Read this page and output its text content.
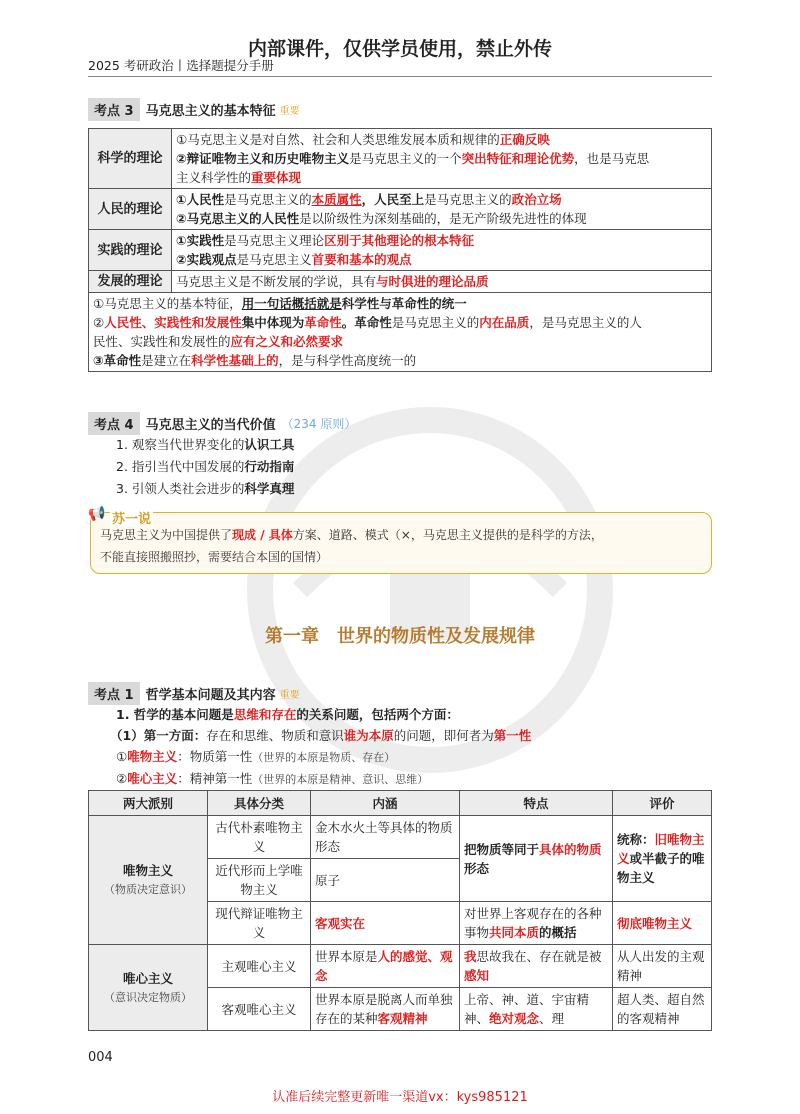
内部课件，仅供学员使用，禁止外传
2025 考研政治丨选择题提分手册
考点 3 马克思主义的基本特征 重要
科学的理论	①马克思主义是对自然、社会和人类思维发展本质和规律的正确反映
②辩证唯物主义和历史唯物主义是马克思主义的一个突出特征和理论优势，也是马克思
主义科学性的重要体现

人民的理论	①人民性是马克思主义的本质属性，人民至上是马克思主义的政治立场
②马克思主义的人民性是以阶级性为深刻基础的，是无产阶级先进性的体现

实践的理论	①实践性是马克思主义理论区别于其他理论的根本特征
②实践观点是马克思主义首要和基本的观点

发展的理论	马克思主义是不断发展的学说，具有与时俱进的理论品质

①马克思主义的基本特征，用一句话概括就是科学性与革命性的统一
②人民性、实践性和发展性集中体现为革命性。革命性是马克思主义的内在品质，是马克思主义的人
民性、实践性和发展性的应有之义和必然要求
③革命性是建立在科学性基础上的，是与科学性高度统一的	
考点 4 马克思主义的当代价值 （234 原则）
1. 观察当代世界变化的认识工具
2. 指引当代中国发展的行动指南
3. 引领人类社会进步的科学真理
📢 苏一说
马克思主义为中国提供了现成 / 具体方案、道路、模式（×，马克思主义提供的是科学的方法，
不能直接照搬照抄，需要结合本国的国情）
第一章　世界的物质性及发展规律
考点 1 哲学基本问题及其内容 重要
1. 哲学的基本问题是思维和存在的关系问题，包括两个方面：
（1）第一方面：存在和思维、物质和意识谁为本原的问题，即何者为第一性
①唯物主义：物质第一性（世界的本原是物质、存在）
②唯心主义：精神第一性（世界的本原是精神、意识、思维）
两大派别	具体分类	内涵	特点	评价

唯物主义
（物质决定意识）	古代朴素唯物主义	金木水火土等具体的物质形态	把物质等同于具体的物质形态	统称：旧唯物主义或半截子的唯物主义
	近代形而上学唯物主义	原子		
	现代辩证唯物主义	客观实在	对世界上客观存在的各种事物共同本质的概括	彻底唯物主义

唯心主义
（意识决定物质）	主观唯心主义	世界本原是人的感觉、观念	我思故我在、存在就是被感知	从人出发的主观精神
	客观唯心主义	世界本原是脱离人而单独存在的某种客观精神	上帝、神、道、宇宙精神、绝对观念、理	超人类、超自然的客观精神
004
认准后续完整更新唯一渠道vx：kys985121
